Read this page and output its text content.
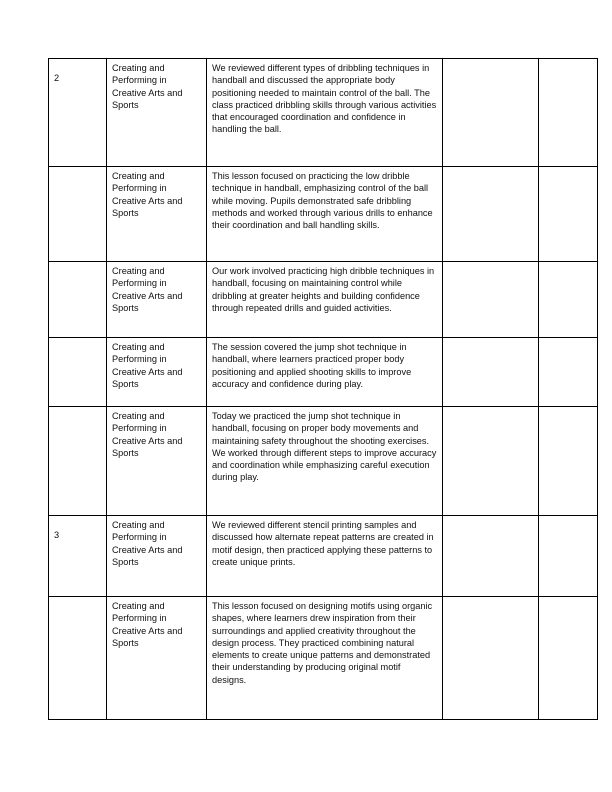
2	Creating and Performing in Creative Arts and Sports	We reviewed different types of dribbling techniques in handball and discussed the appropriate body positioning needed to maintain control of the ball. The class practiced dribbling skills through various activities that encouraged coordination and confidence in handling the ball.		

	Creating and Performing in Creative Arts and Sports	This lesson focused on practicing the low dribble technique in handball, emphasizing control of the ball while moving. Pupils demonstrated safe dribbling methods and worked through various drills to enhance their coordination and ball handling skills.		

	Creating and Performing in Creative Arts and Sports	Our work involved practicing high dribble techniques in handball, focusing on maintaining control while dribbling at greater heights and building confidence through repeated drills and guided activities.		

	Creating and Performing in Creative Arts and Sports	The session covered the jump shot technique in handball, where learners practiced proper body positioning and applied shooting skills to improve accuracy and confidence during play.		

	Creating and Performing in Creative Arts and Sports	Today we practiced the jump shot technique in handball, focusing on proper body movements and maintaining safety throughout the shooting exercises. We worked through different steps to improve accuracy and coordination while emphasizing careful execution during play.		

3	Creating and Performing in Creative Arts and Sports	We reviewed different stencil printing samples and discussed how alternate repeat patterns are created in motif design, then practiced applying these patterns to create unique prints.		

	Creating and Performing in Creative Arts and Sports	This lesson focused on designing motifs using organic shapes, where learners drew inspiration from their surroundings and applied creativity throughout the design process. They practiced combining natural elements to create unique patterns and demonstrated their understanding by producing original motif designs.		
